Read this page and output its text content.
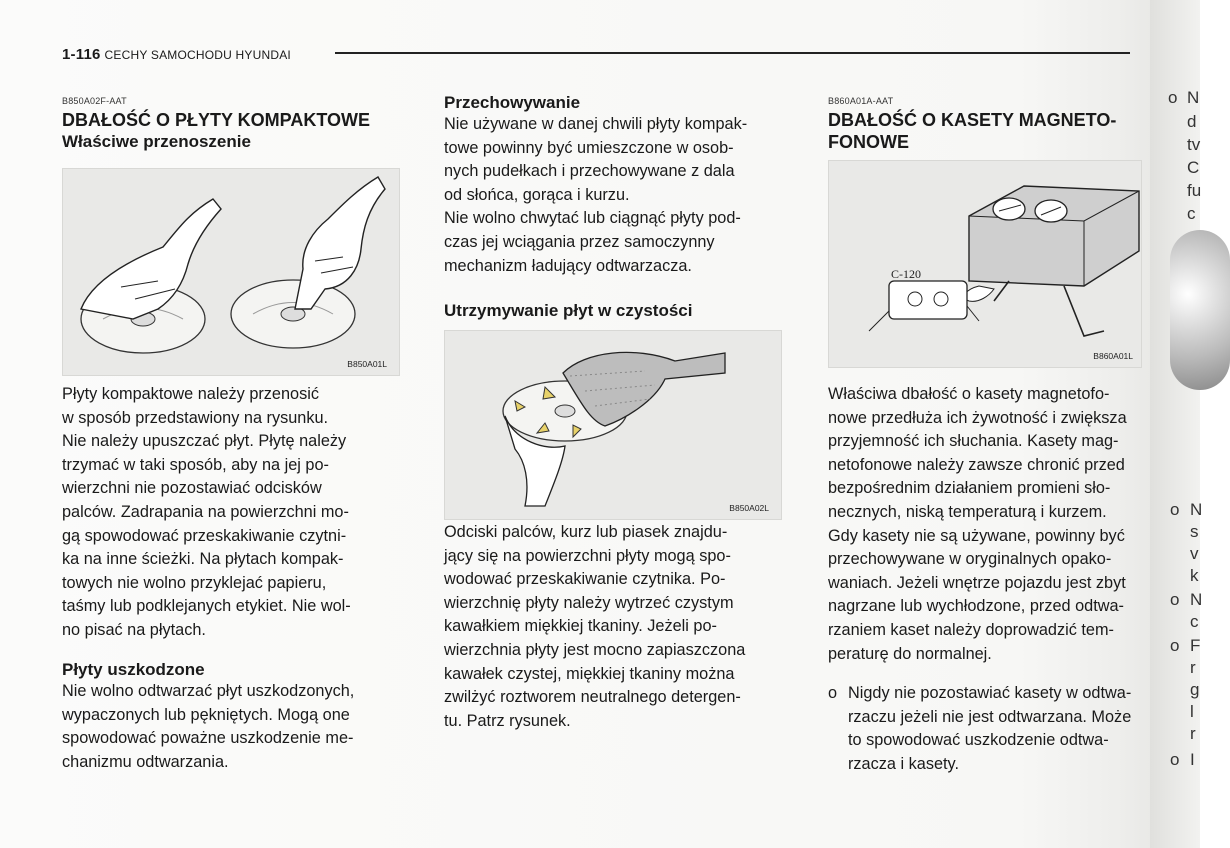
1-116 CECHY SAMOCHODU HYUNDAI
B850A02F-AAT
DBAŁOŚĆ O PŁYTY KOMPAKTOWE
Właściwe przenoszenie
B850A01L
Płyty kompaktowe należy przenosić
w sposób przedstawiony na rysunku.
Nie należy upuszczać płyt. Płytę należy
trzymać w taki sposób, aby na jej po-
wierzchni nie pozostawiać odcisków
palców. Zadrapania na powierzchni mo-
gą spowodować przeskakiwanie czytni-
ka na inne ścieżki. Na płytach kompak-
towych nie wolno przyklejać papieru,
taśmy lub podklejanych etykiet. Nie wol-
no pisać na płytach.
Płyty uszkodzone
Nie wolno odtwarzać płyt uszkodzonych,
wypaczonych lub pękniętych. Mogą one
spowodować poważne uszkodzenie me-
chanizmu odtwarzania.
Przechowywanie
Nie używane w danej chwili płyty kompak-
towe powinny być umieszczone w osob-
nych pudełkach i przechowywane z dala
od słońca, gorąca i kurzu.
Nie wolno chwytać lub ciągnąć płyty pod-
czas jej wciągania przez samoczynny
mechanizm ładujący odtwarzacza.
Utrzymywanie płyt w czystości
B850A02L
Odciski palców, kurz lub piasek znajdu-
jący się na powierzchni płyty mogą spo-
wodować przeskakiwanie czytnika. Po-
wierzchnię płyty należy wytrzeć czystym
kawałkiem miękkiej tkaniny. Jeżeli po-
wierzchnia płyty jest mocno zapiaszczona
kawałek czystej, miękkiej tkaniny można
zwilżyć roztworem neutralnego detergen-
tu. Patrz rysunek.
B860A01A-AAT
DBAŁOŚĆ O KASETY MAGNETO-
FONOWE
C-120
B860A01L
Właściwa dbałość o kasety magnetofo-
nowe przedłuża ich żywotność i zwiększa
przyjemność ich słuchania. Kasety mag-
netofonowe należy zawsze chronić przed
bezpośrednim działaniem promieni sło-
necznych, niską temperaturą i kurzem.
Gdy kasety nie są używane, powinny być
przechowywane w oryginalnych opako-
waniach. Jeżeli wnętrze pojazdu jest zbyt
nagrzane lub wychłodzone, przed odtwa-
rzaniem kaset należy doprowadzić tem-
peraturę do normalnej.
o Nigdy nie pozostawiać kasety w odtwa-
rzaczu jeżeli nie jest odtwarzana. Może
to spowodować uszkodzenie odtwa-
rzacza i kasety.
o N
d
tv
C
fu
c
o N
s
v
k
o N
c
o F
r
g
l
r
o I
